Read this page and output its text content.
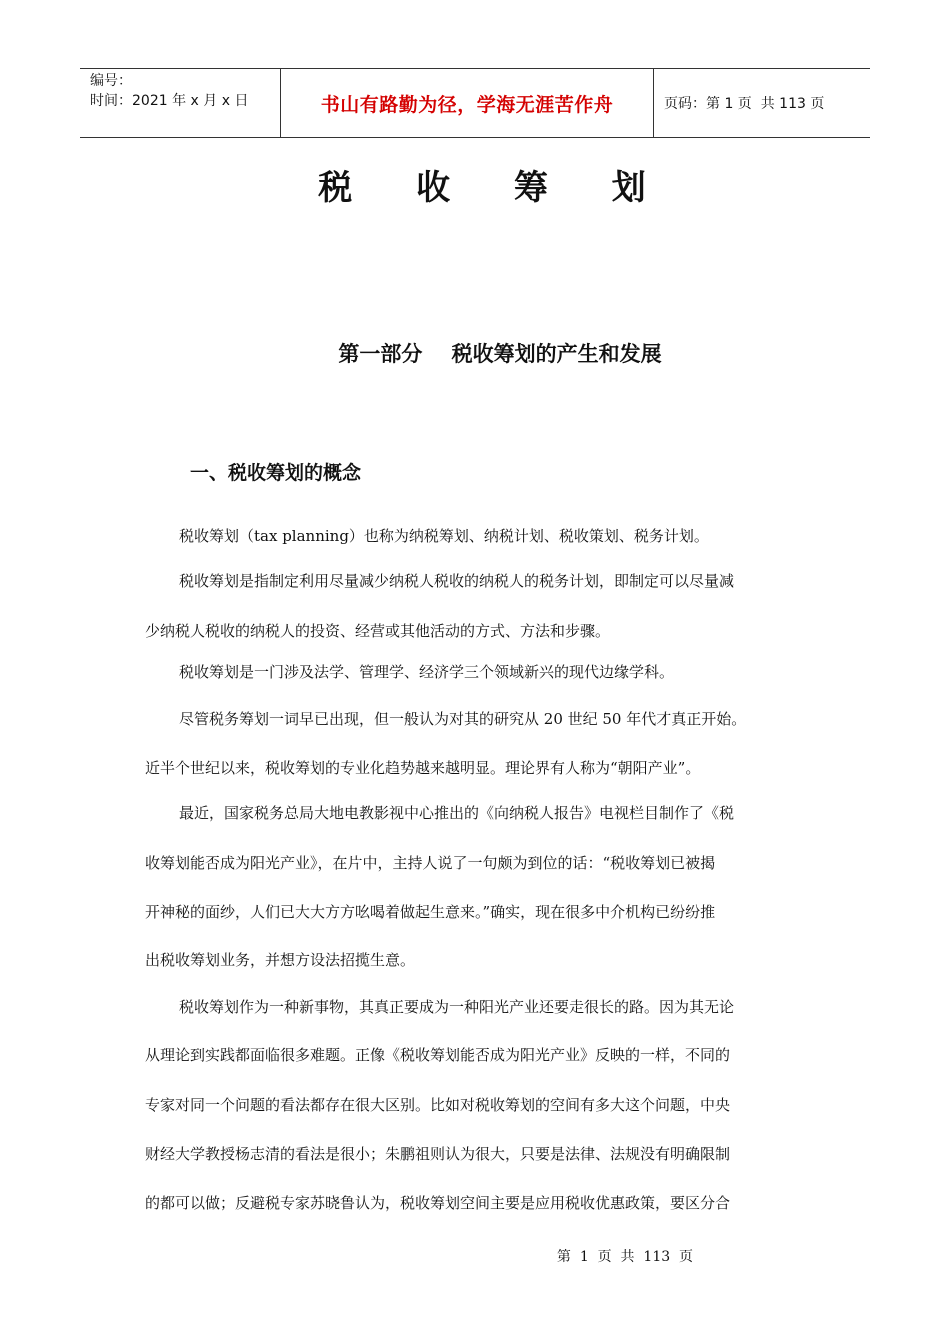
编号：
时间：2021 年 x 月 x 日	书山有路勤为径，学海无涯苦作舟	页码：第 1 页  共 113 页
税 收 筹 划
第一部分    税收筹划的产生和发展
一、税收筹划的概念
税收筹划（tax planning）也称为纳税筹划、纳税计划、税收策划、税务计划。
税收筹划是指制定利用尽量减少纳税人税收的纳税人的税务计划，即制定可以尽量减
少纳税人税收的纳税人的投资、经营或其他活动的方式、方法和步骤。
税收筹划是一门涉及法学、管理学、经济学三个领域新兴的现代边缘学科。
尽管税务筹划一词早已出现，但一般认为对其的研究从 20 世纪 50 年代才真正开始。
近半个世纪以来，税收筹划的专业化趋势越来越明显。理论界有人称为“朝阳产业”。
最近，国家税务总局大地电教影视中心推出的《向纳税人报告》电视栏目制作了《税
收筹划能否成为阳光产业》，在片中，主持人说了一句颇为到位的话：“税收筹划已被揭
开神秘的面纱，人们已大大方方吆喝着做起生意来。”确实，现在很多中介机构已纷纷推
出税收筹划业务，并想方设法招揽生意。
税收筹划作为一种新事物，其真正要成为一种阳光产业还要走很长的路。因为其无论
从理论到实践都面临很多难题。正像《税收筹划能否成为阳光产业》反映的一样，不同的
专家对同一个问题的看法都存在很大区别。比如对税收筹划的空间有多大这个问题，中央
财经大学教授杨志清的看法是很小；朱鹏祖则认为很大，只要是法律、法规没有明确限制
的都可以做；反避税专家苏晓鲁认为，税收筹划空间主要是应用税收优惠政策，要区分合
第  1  页  共  113  页
